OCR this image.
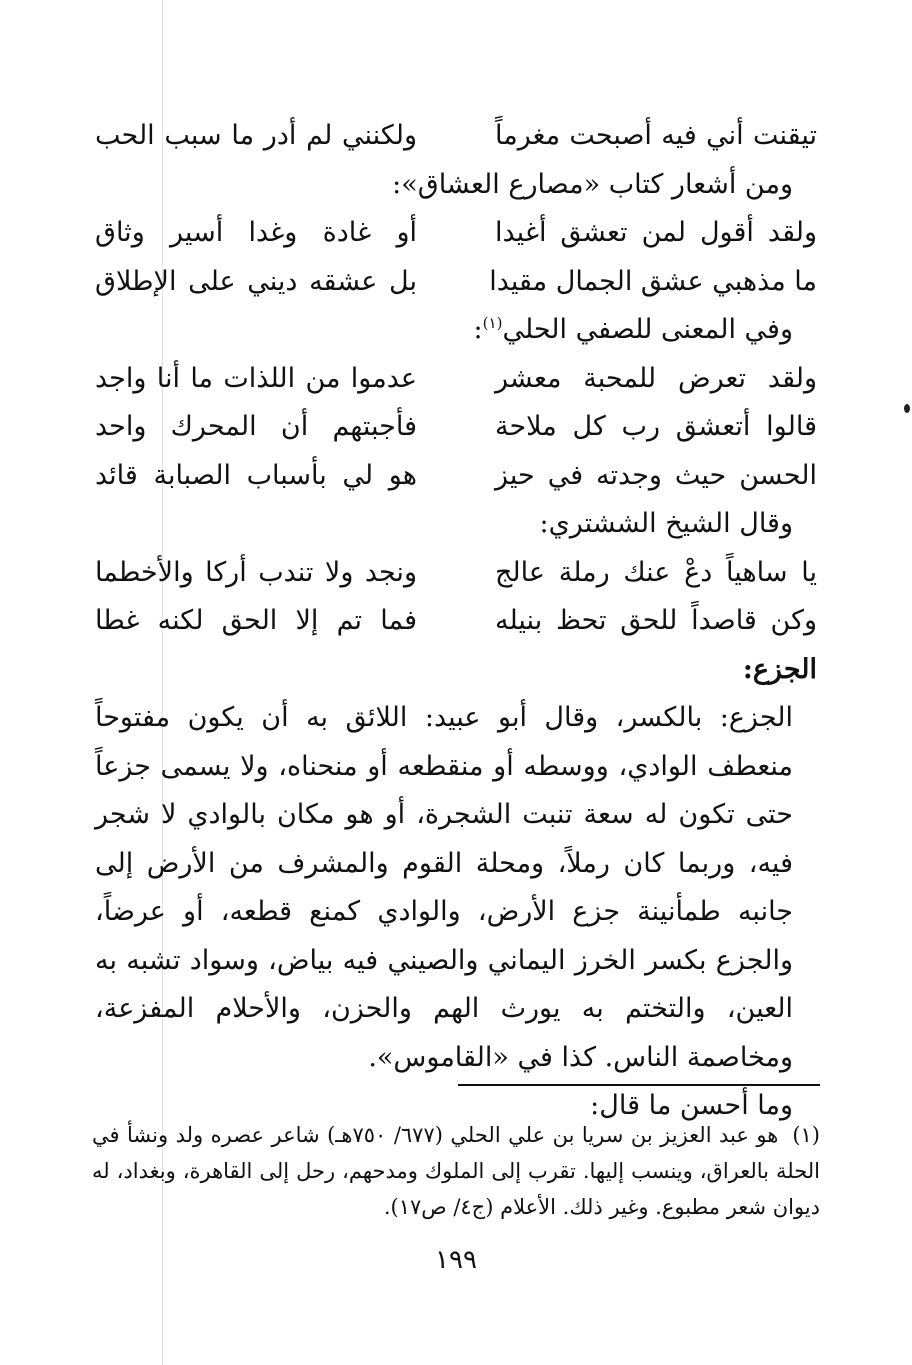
تيقنت أني فيه أصبحت مغرماً
ولكنني لم أدر ما سبب الحب
ومن أشعار كتاب «مصارع العشاق»:
ولقد أقول لمن تعشق أغيدا
أو غادة وغدا أسير وثاق
ما مذهبي عشق الجمال مقيدا
بل عشقه ديني على الإطلاق
وفي المعنى للصفي الحلي$^{(١)}$:
ولقد تعرض للمحبة معشر
عدموا من اللذات ما أنا واجد
قالوا أتعشق رب كل ملاحة
فأجبتهم أن المحرك واحد
الحسن حيث وجدته في حيز
هو لي بأسباب الصبابة قائد
وقال الشيخ الششتري:
يا ساهياً دعْ عنك رملة عالج
ونجد ولا تندب أركا والأخطما
وكن قاصداً للحق تحظ بنيله
فما تم إلا الحق لكنه غطا
الجزع:

الجزع: بالكسر، وقال أبو عبيد: اللائق به أن يكون مفتوحاً منعطف الوادي، ووسطه أو منقطعه أو منحناه، ولا يسمى جزعاً حتى تكون له سعة تنبت الشجرة، أو هو مكان بالوادي لا شجر فيه، وربما كان رملاً، ومحلة القوم والمشرف من الأرض إلى جانبه طمأنينة جزع الأرض، والوادي كمنع قطعه، أو عرضاً، والجزع بكسر الخرز اليماني والصيني فيه بياض، وسواد تشبه به العين، والتختم به يورث الهم والحزن، والأحلام المفزعة، ومخاصمة الناس. كذا في «القاموس».

وما أحسن ما قال:
(١)هو عبد العزيز بن سريا بن علي الحلي (٦٧٧/ ٧٥٠هـ) شاعر عصره ولد ونشأ في الحلة بالعراق، وينسب إليها. تقرب إلى الملوك ومدحهم، رحل إلى القاهرة، وبغداد، له ديوان شعر مطبوع. وغير ذلك. الأعلام (ج٤/ ص١٧).
١٩٩
